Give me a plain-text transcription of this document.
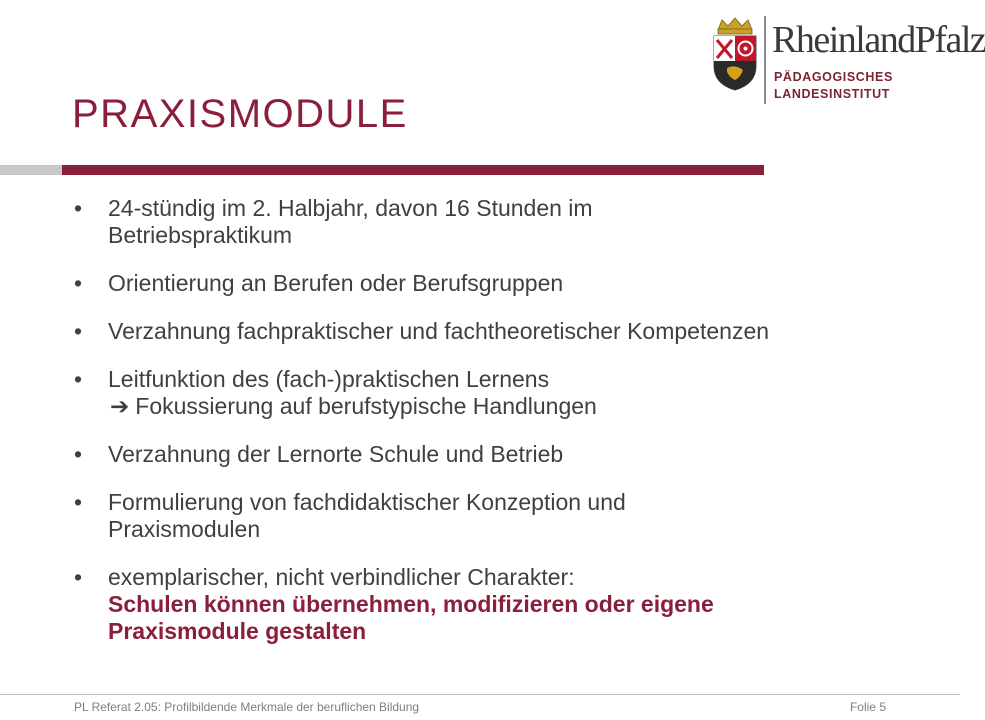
RheinlandPfalz
PÄDAGOGISCHES
LANDESINSTITUT
PRAXISMODULE
• 24-stündig im 2. Halbjahr, davon 16 Stunden im
Betriebspraktikum
• Orientierung an Berufen oder Berufsgruppen
• Verzahnung fachpraktischer und fachtheoretischer Kompetenzen
• Leitfunktion des (fach-)praktischen Lernens
➔ Fokussierung auf berufstypische Handlungen
• Verzahnung der Lernorte Schule und Betrieb
• Formulierung von fachdidaktischer Konzeption und
Praxismodulen
• exemplarischer, nicht verbindlicher Charakter:
Schulen können übernehmen, modifizieren oder eigene
Praxismodule gestalten
PL Referat 2.05: Profilbildende Merkmale der beruflichen Bildung	Folie 5
